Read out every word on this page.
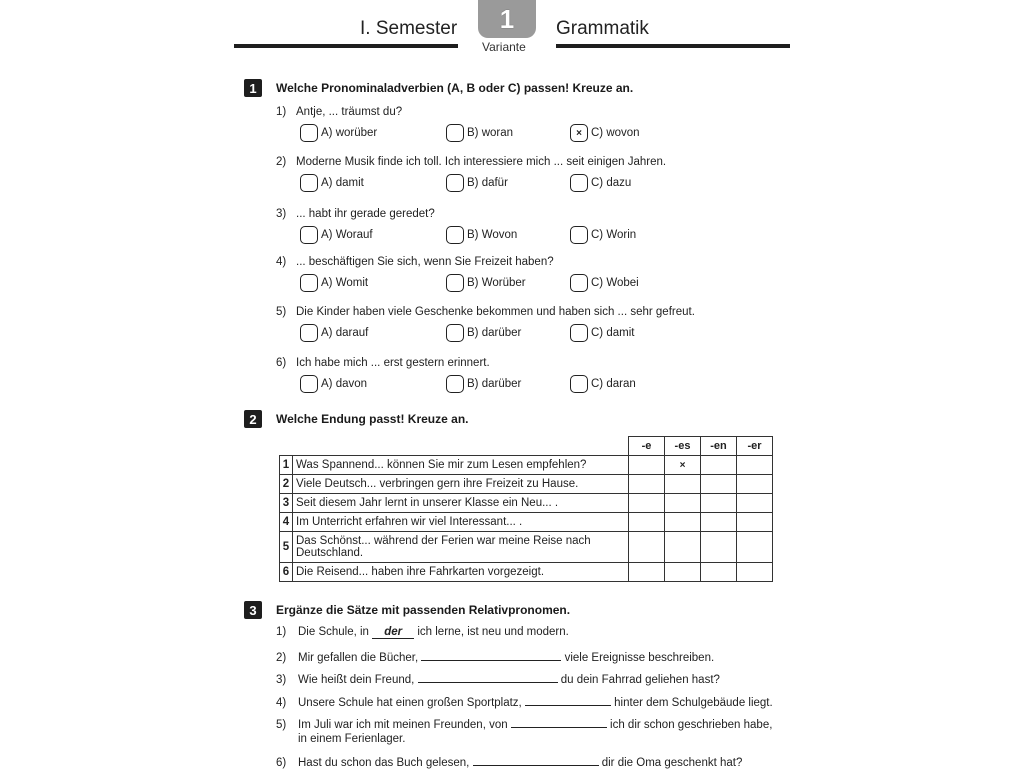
I. Semester	1
Variante
Grammatik
1	Welche Pronominaladverbien (A, B oder C) passen! Kreuze an.
1) Antje, ... träumst du?
A) worüber	B) woran	× C) wovon
2) Moderne Musik finde ich toll. Ich interessiere mich ... seit einigen Jahren.
A) damit	B) dafür	C) dazu
3) ... habt ihr gerade geredet?
A) Worauf	B) Wovon	C) Worin
4) ... beschäftigen Sie sich, wenn Sie Freizeit haben?
A) Womit	B) Worüber	C) Wobei
5) Die Kinder haben viele Geschenke bekommen und haben sich ... sehr gefreut.
A) darauf	B) darüber	C) damit
6) Ich habe mich ... erst gestern erinnert.
A) davon	B) darüber	C) daran
2	Welche Endung passt! Kreuze an.
		-e	-es	-en	-er
1	Was Spannend... können Sie mir zum Lesen empfehlen?		×		
2	Viele Deutsch... verbringen gern ihre Freizeit zu Hause.				
3	Seit diesem Jahr lernt in unserer Klasse ein Neu... .				
4	Im Unterricht erfahren wir viel Interessant... .				
5	Das Schönst... während der Ferien war meine Reise nach Deutschland.				
6	Die Reisend... haben ihre Fahrkarten vorgezeigt.				
3	Ergänze die Sätze mit passenden Relativpronomen.
1) Die Schule, in der ich lerne, ist neu und modern.
2) Mir gefallen die Bücher,	viele Ereignisse beschreiben.
3) Wie heißt dein Freund,	du dein Fahrrad geliehen hast?
4) Unsere Schule hat einen großen Sportplatz,	hinter dem Schulgebäude liegt.
5) Im Juli war ich mit meinen Freunden, von	ich dir schon geschrieben habe,
in einem Ferienlager.
6) Hast du schon das Buch gelesen,	dir die Oma geschenkt hat?
